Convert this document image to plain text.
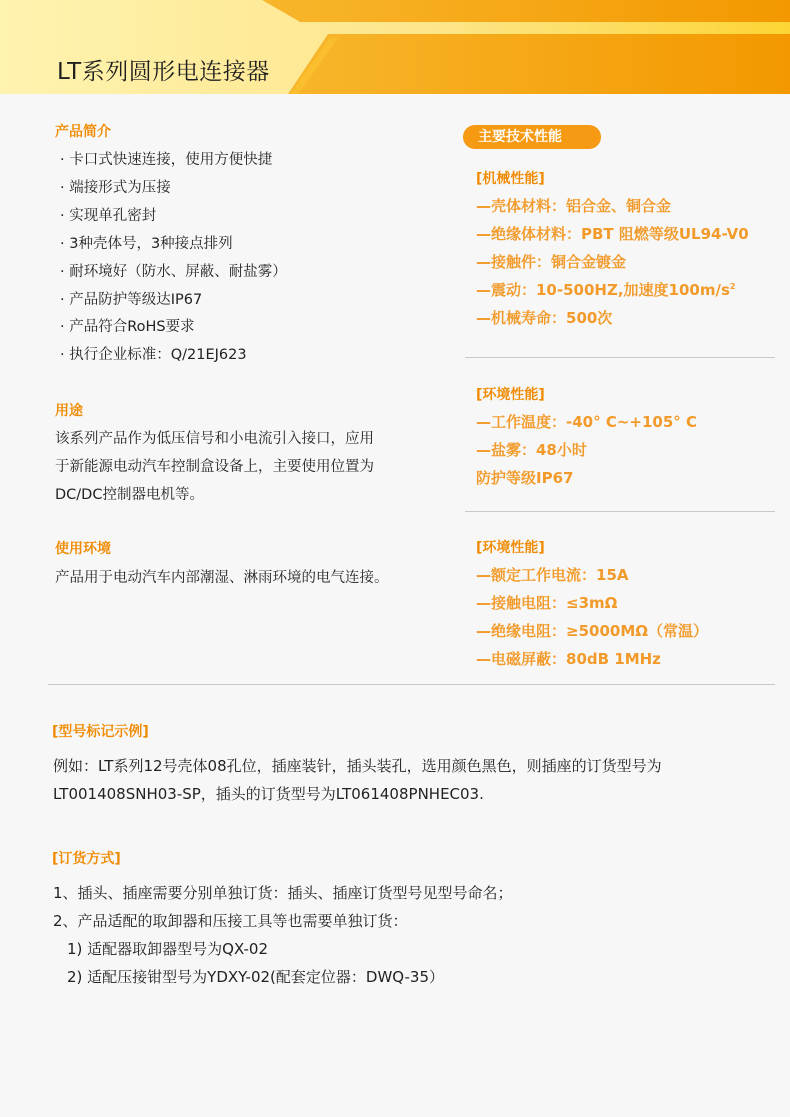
LT系列圆形电连接器
产品简介
· 卡口式快速连接，使用方便快捷
· 端接形式为压接
· 实现单孔密封
· 3种壳体号，3种接点排列
· 耐环境好（防水、屏蔽、耐盐雾）
· 产品防护等级达IP67
· 产品符合RoHS要求
· 执行企业标准：Q/21EJ623
用途
该系列产品作为低压信号和小电流引入接口，应用
于新能源电动汽车控制盒设备上，主要使用位置为
DC/DC控制器电机等。
使用环境
产品用于电动汽车内部潮湿、淋雨环境的电气连接。
主要技术性能
[机械性能]
—壳体材料：铝合金、铜合金
—绝缘体材料：PBT 阻燃等级UL94-V0
—接触件：铜合金镀金
—震动：10-500HZ,加速度$100m/s^2$
—机械寿命：500次
[环境性能]
—工作温度：-40° C~+105° C
—盐雾：48小时
防护等级IP67
[环境性能]
—额定工作电流：15A
—接触电阻：≤3mΩ
—绝缘电阻：≥5000MΩ（常温）
—电磁屏蔽：80dB 1MHz
[型号标记示例]
例如：LT系列12号壳体08孔位，插座装针，插头装孔，选用颜色黑色，则插座的订货型号为
LT001408SNH03-SP，插头的订货型号为LT061408PNHEC03.
[订货方式]
1、插头、插座需要分别单独订货：插头、插座订货型号见型号命名；
2、产品适配的取卸器和压接工具等也需要单独订货：
1) 适配器取卸器型号为QX-02
2) 适配压接钳型号为YDXY-02(配套定位器：DWQ-35）
